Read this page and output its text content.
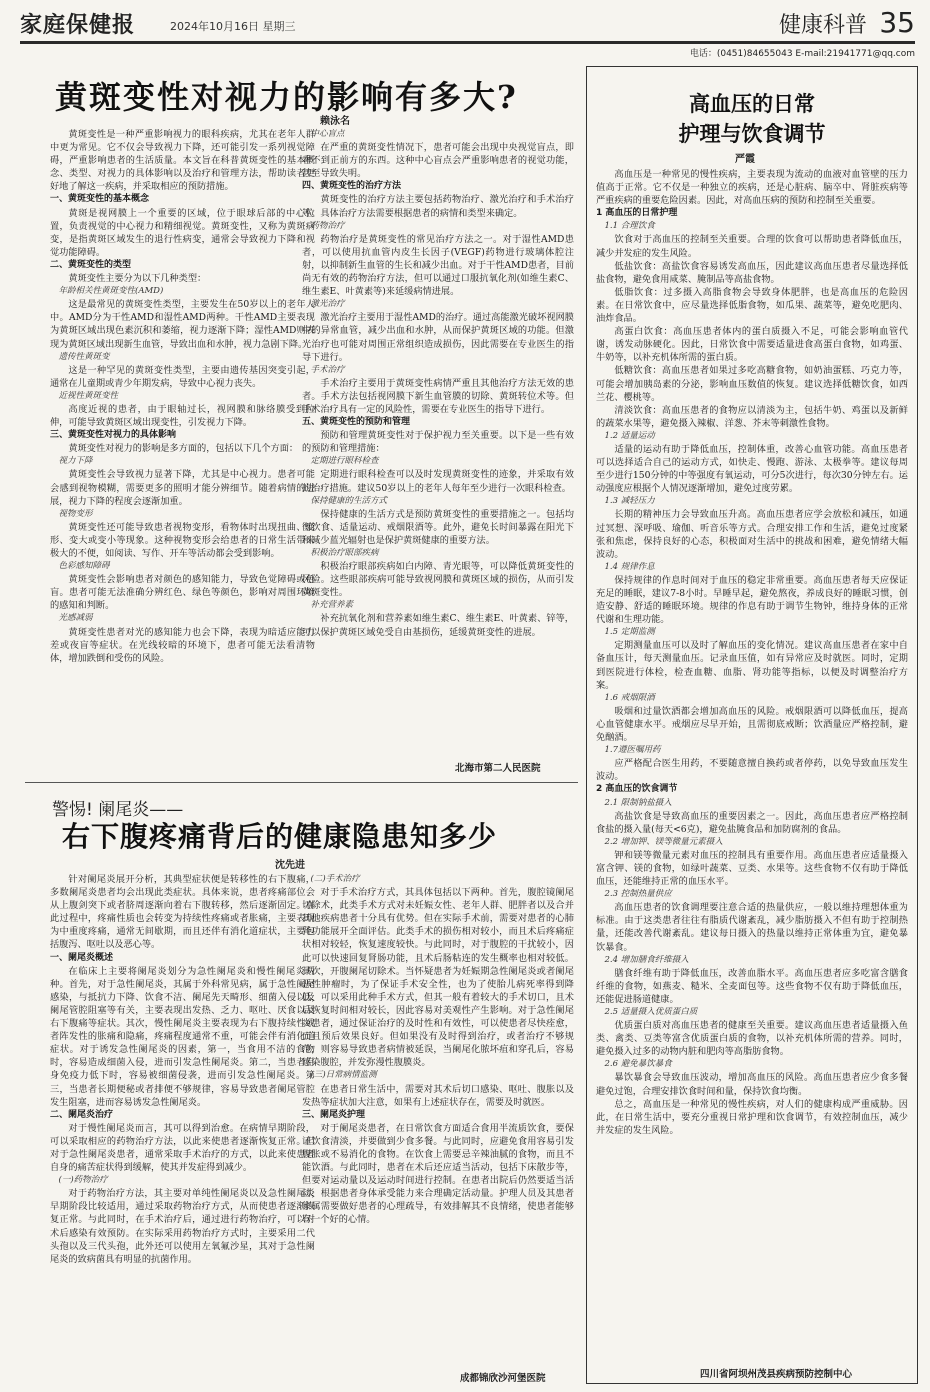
家庭保健报	2024年10月16日 星期三	健康科普 35
电话：(0451)84655043 E-mail:21941771@qq.com
黄斑变性对视力的影响有多大?
赖泳名

黄斑变性是一种严重影响视力的眼科疾病，尤其在老年人群中更为常见。它不仅会导致视力下降，还可能引发一系列视觉障碍，严重影响患者的生活质量。本文旨在科普黄斑变性的基本概念、类型、对视力的具体影响以及治疗和管理方法，帮助读者更好地了解这一疾病，并采取相应的预防措施。

一、黄斑变性的基本概念

黄斑是视网膜上一个重要的区域，位于眼球后部的中心位置，负责视觉的中心视力和精细视觉。黄斑变性，又称为黄斑病变，是指黄斑区域发生的退行性病变，通常会导致视力下降和视觉功能障碍。

二、黄斑变性的类型

黄斑变性主要分为以下几种类型：

年龄相关性黄斑变性(AMD)

这是最常见的黄斑变性类型，主要发生在50岁以上的老年人中。AMD分为干性AMD和湿性AMD两种。干性AMD主要表现为黄斑区域出现色素沉积和萎缩，视力逐渐下降；湿性AMD则表现为黄斑区域出现新生血管，导致出血和水肿，视力急剧下降。

遗传性黄斑变

这是一种罕见的黄斑变性类型，主要由遗传基因突变引起，通常在儿童期或青少年期发病，导致中心视力丧失。

近视性黄斑变性

高度近视的患者，由于眼轴过长，视网膜和脉络膜受到拉伸，可能导致黄斑区域出现变性，引发视力下降。

三、黄斑变性对视力的具体影响

黄斑变性对视力的影响是多方面的，包括以下几个方面：

视力下降

黄斑变性会导致视力显著下降，尤其是中心视力。患者可能会感到视物模糊，需要更多的照明才能分辨细节。随着病情的进展，视力下降的程度会逐渐加重。

视物变形

黄斑变性还可能导致患者视物变形，看物体时出现扭曲、变形、变大或变小等现象。这种视物变形会给患者的日常生活带来极大的不便，如阅读、写作、开车等活动都会受到影响。

色彩感知障碍

黄斑变性会影响患者对颜色的感知能力，导致色觉障碍或色盲。患者可能无法准确分辨红色、绿色等颜色，影响对周围环境的感知和判断。

光感减弱

黄斑变性患者对光的感知能力也会下降，表现为暗适应能力差或夜盲等症状。在光线较暗的环境下，患者可能无法看清物体，增加跌倒和受伤的风险。

中心盲点

在严重的黄斑变性情况下，患者可能会出现中央视觉盲点，即看不到正前方的东西。这种中心盲点会严重影响患者的视觉功能，甚至导致失明。

四、黄斑变性的治疗方法

黄斑变性的治疗方法主要包括药物治疗、激光治疗和手术治疗等。具体治疗方法需要根据患者的病情和类型来确定。

药物治疗

药物治疗是黄斑变性的常见治疗方法之一。对于湿性AMD患者，可以使用抗血管内皮生长因子(VEGF)药物进行玻璃体腔注射，以抑制新生血管的生长和减少出血。对于干性AMD患者，目前尚无有效的药物治疗方法，但可以通过口服抗氧化剂(如维生素C、维生素E、叶黄素等)来延缓病情进展。

激光治疗

激光治疗主要用于湿性AMD的治疗。通过高能激光破坏视网膜中的异常血管，减少出血和水肿，从而保护黄斑区域的功能。但激光治疗也可能对周围正常组织造成损伤，因此需要在专业医生的指导下进行。

手术治疗

手术治疗主要用于黄斑变性病情严重且其他治疗方法无效的患者。手术方法包括视网膜下新生血管膜的切除、黄斑转位术等。但手术治疗具有一定的风险性，需要在专业医生的指导下进行。

五、黄斑变性的预防和管理

预防和管理黄斑变性对于保护视力至关重要。以下是一些有效的预防和管理措施：

定期进行眼科检查

定期进行眼科检查可以及时发现黄斑变性的迹象，并采取有效的治疗措施。建议50岁以上的老年人每年至少进行一次眼科检查。

保持健康的生活方式

保持健康的生活方式是预防黄斑变性的重要措施之一。包括均衡饮食、适量运动、戒烟限酒等。此外，避免长时间暴露在阳光下和减少蓝光辐射也是保护黄斑健康的重要方法。

积极治疗眼部疾病

积极治疗眼部疾病如白内障、青光眼等，可以降低黄斑变性的风险。这些眼部疾病可能导致视网膜和黄斑区域的损伤，从而引发黄斑变性。

补充营养素

补充抗氧化剂和营养素如维生素C、维生素E、叶黄素、锌等，可以保护黄斑区域免受自由基损伤，延缓黄斑变性的进展。

北海市第二人民医院
警惕! 阑尾炎——
右下腹疼痛背后的健康隐患知多少
沈先进

针对阑尾炎展开分析，其典型症状便是转移性的右下腹痛，多数阑尾炎患者均会出现此类症状。具体来说，患者疼痛部位会从上腹剑突下或者脐周逐渐向着右下腹转移，然后逐渐固定。在此过程中，疼痛性质也会转变为持续性疼痛或者胀痛，主要表现为中重度疼痛，通常无间歇期，而且还伴有消化道症状，主要包括腹泻、呕吐以及恶心等。

一、阑尾炎概述

在临床上主要将阑尾炎划分为急性阑尾炎和慢性阑尾炎两种。首先，对于急性阑尾炎，其属于外科常见病，属于急性阑尾感染，与抵抗力下降、饮食不洁、阑尾先天畸形、细菌入侵以及阑尾管腔阻塞等有关，主要表现出发热、乏力、呕吐、厌食以及右下腹痛等症状。其次，慢性阑尾炎主要表现为右下腹持续性或者阵发性的胀痛和隐痛，疼痛程度通常不重，可能会伴有消化道症状。对于诱发急性阑尾炎的因素，第一，当食用不洁的食物时，容易造成细菌入侵，进而引发急性阑尾炎。第二，当患者自身免疫力低下时，容易被细菌侵袭，进而引发急性阑尾炎。第三，当患者长期便秘或者排便不够规律，容易导致患者阑尾管腔发生阻塞，进而容易诱发急性阑尾炎。

二、阑尾炎治疗

对于慢性阑尾炎而言，其可以得到治愈。在病情早期阶段，可以采取相应的药物治疗方法，以此来使患者逐渐恢复正常。但对于急性阑尾炎患者，通常采取手术治疗的方式，以此来使患者自身的痛苦症状得到缓解，使其并发症得到减少。

(一)药物治疗

对于药物治疗方法，其主要对单纯性阑尾炎以及急性阑尾炎早期阶段比较适用，通过采取药物治疗方式，从而使患者逐渐恢复正常。与此同时，在手术治疗后，通过进行药物治疗，可以对术后感染有效预防。在实际采用药物治疗方式时，主要采用二代头孢以及三代头孢，此外还可以使用左氧氟沙星，其对于急性阑尾炎的致病菌具有明显的抗菌作用。

(二)手术治疗

对于手术治疗方式，其具体包括以下两种。首先，腹腔镜阑尾切除术，此类手术方式对未妊娠女性、老年人群、肥胖者以及合并其他疾病患者十分具有优势。但在实际手术前，需要对患者的心肺肾功能展开全面评估。此类手术的损伤相对较小，而且术后疼痛症状相对较轻，恢复速度较快。与此同时，对于腹腔的干扰较小，因此可以快速回复肾肠功能，且术后肠粘连的发生概率也相对较低。其次，开腹阑尾切除术。当怀疑患者为妊娠期急性阑尾炎或者阑尾恶性肿瘤时，为了保证手术安全性，也为了使胎儿病死率得到降低，可以采用此种手术方式，但其一般有着较大的手术切口，且术后恢复时间相对较长，因此容易对美观性产生影响。对于急性阑尾炎患者，通过保证治疗的及时性和有效性，可以使患者尽快痊愈，而且预后效果良好。但如果没有及时得到治疗，或者治疗不够规范，则容易导致患者病情被延误，当阑尾化脓坏疽和穿孔后，容易感染腹腔，并发弥漫性腹膜炎。

(三)日常病情监测

在患者日常生活中，需要对其术后切口感染、呕吐、腹胀以及发热等症状加大注意，如果有上述症状存在，需要及时就医。

三、阑尾炎护理

对于阑尾炎患者，在日常饮食方面适合食用半流质饮食，要保证饮食清淡，并要做到少食多餐。与此同时，应避免食用容易引发腹胀或不易消化的食物。在饮食上需要忌辛辣油腻的食物，而且不能饮酒。与此同时，患者在术后还应适当活动，包括下床散步等，但要对运动量以及运动时间进行控制。在患者出院后仍然要适当活动，根据患者身体承受能力来合理确定活动量。护理人员及其患者家属需要做好患者的心理疏导，有效排解其不良情绪，使患者能够有一个好的心情。

成都锦欣沙河堡医院
高血压的日常
护理与饮食调节
严霞

高血压是一种常见的慢性疾病，主要表现为流动的血液对血管壁的压力值高于正常。它不仅是一种独立的疾病，还是心脏病、脑卒中、肾脏疾病等严重疾病的重要危险因素。因此，对高血压病的预防和控制至关重要。

1 高血压的日常护理

1.1 合理饮食

饮食对于高血压的控制至关重要。合理的饮食可以帮助患者降低血压，减少并发症的发生风险。

低盐饮食：高盐饮食容易诱发高血压，因此建议高血压患者尽量选择低盐食物，避免食用咸菜、腌制品等高盐食物。

低脂饮食：过多摄入高脂食物会导致身体肥胖，也是高血压的危险因素。在日常饮食中，应尽量选择低脂食物，如瓜果、蔬菜等，避免吃肥肉、油炸食品。

高蛋白饮食：高血压患者体内的蛋白质摄入不足，可能会影响血管代谢，诱发动脉硬化。因此，日常饮食中需要适量进食高蛋白食物，如鸡蛋、牛奶等，以补充机体所需的蛋白质。

低糖饮食：高血压患者如果过多吃高糖食物，如奶油蛋糕、巧克力等，可能会增加胰岛素的分泌，影响血压数值的恢复。建议选择低糖饮食，如西兰花、樱桃等。

清淡饮食：高血压患者的食物应以清淡为主，包括牛奶、鸡蛋以及新鲜的蔬菜水果等，避免摄入辣椒、洋葱、芥末等刺激性食物。

1.2 适量运动

适量的运动有助于降低血压，控制体重，改善心血管功能。高血压患者可以选择适合自己的运动方式，如快走、慢跑、游泳、太极拳等。建议每周至少进行150分钟的中等强度有氧运动，可分5次进行，每次30分钟左右。运动强度应根据个人情况逐渐增加，避免过度劳累。

1.3 减轻压力

长期的精神压力会导致血压升高。高血压患者应学会放松和减压，如通过冥想、深呼吸、瑜伽、听音乐等方式。合理安排工作和生活，避免过度紧张和焦虑，保持良好的心态，积极面对生活中的挑战和困难，避免情绪大幅波动。

1.4 规律作息

保持规律的作息时间对于血压的稳定非常重要。高血压患者每天应保证充足的睡眠，建议7-8小时。早睡早起，避免熬夜，养成良好的睡眠习惯，创造安静、舒适的睡眠环境。规律的作息有助于调节生物钟，维持身体的正常代谢和生理功能。

1.5 定期监测

定期测量血压可以及时了解血压的变化情况。建议高血压患者在家中自备血压计，每天测量血压。记录血压值，如有异常应及时就医。同时，定期到医院进行体检，检查血糖、血脂、肾功能等指标，以便及时调整治疗方案。

1.6 戒烟限酒

吸烟和过量饮酒都会增加高血压的风险。戒烟限酒可以降低血压，提高心血管健康水平。戒烟应尽早开始，且需彻底戒断；饮酒量应严格控制，避免酗酒。

1.7遵医嘱用药

应严格配合医生用药，不要随意擅自换药或者停药，以免导致血压发生波动。

2 高血压的饮食调节

2.1 限制钠盐摄入

高盐饮食是导致高血压的重要因素之一。因此，高血压患者应严格控制食盐的摄入量(每天<6克)，避免盐腌食品和加防腐剂的食品。

2.2 增加钾、镁等微量元素摄入

钾和镁等微量元素对血压的控制具有重要作用。高血压患者应适量摄入富含钾、镁的食物，如绿叶蔬菜、豆类、水果等。这些食物不仅有助于降低血压，还能维持正常的血压水平。

2.3 控制热量供应

高血压患者的饮食调理要注意合适的热量供应，一般以维持理想体重为标准。由于这类患者往往有脂质代谢紊乱，减少脂肪摄入不但有助于控制热量，还能改善代谢紊乱。建议每日摄入的热量以维持正常体重为宜，避免暴饮暴食。

2.4 增加膳食纤维摄入

膳食纤维有助于降低血压，改善血脂水平。高血压患者应多吃富含膳食纤维的食物，如燕麦、糙米、全麦面包等。这些食物不仅有助于降低血压，还能促进肠道健康。

2.5 适量摄入优质蛋白质

优质蛋白质对高血压患者的健康至关重要。建议高血压患者适量摄入鱼类、禽类、豆类等富含优质蛋白质的食物，以补充机体所需的营养。同时，避免摄入过多的动物内脏和肥肉等高脂肪食物。

2.6 避免暴饮暴食

暴饮暴食会导致血压波动，增加高血压的风险。高血压患者应少食多餐避免过饱，合理安排饮食时间和量，保持饮食均衡。

总之，高血压是一种常见的慢性疾病，对人们的健康构成严重威胁。因此，在日常生活中，要充分重视日常护理和饮食调节，有效控制血压，减少并发症的发生风险。

四川省阿坝州茂县疾病预防控制中心
